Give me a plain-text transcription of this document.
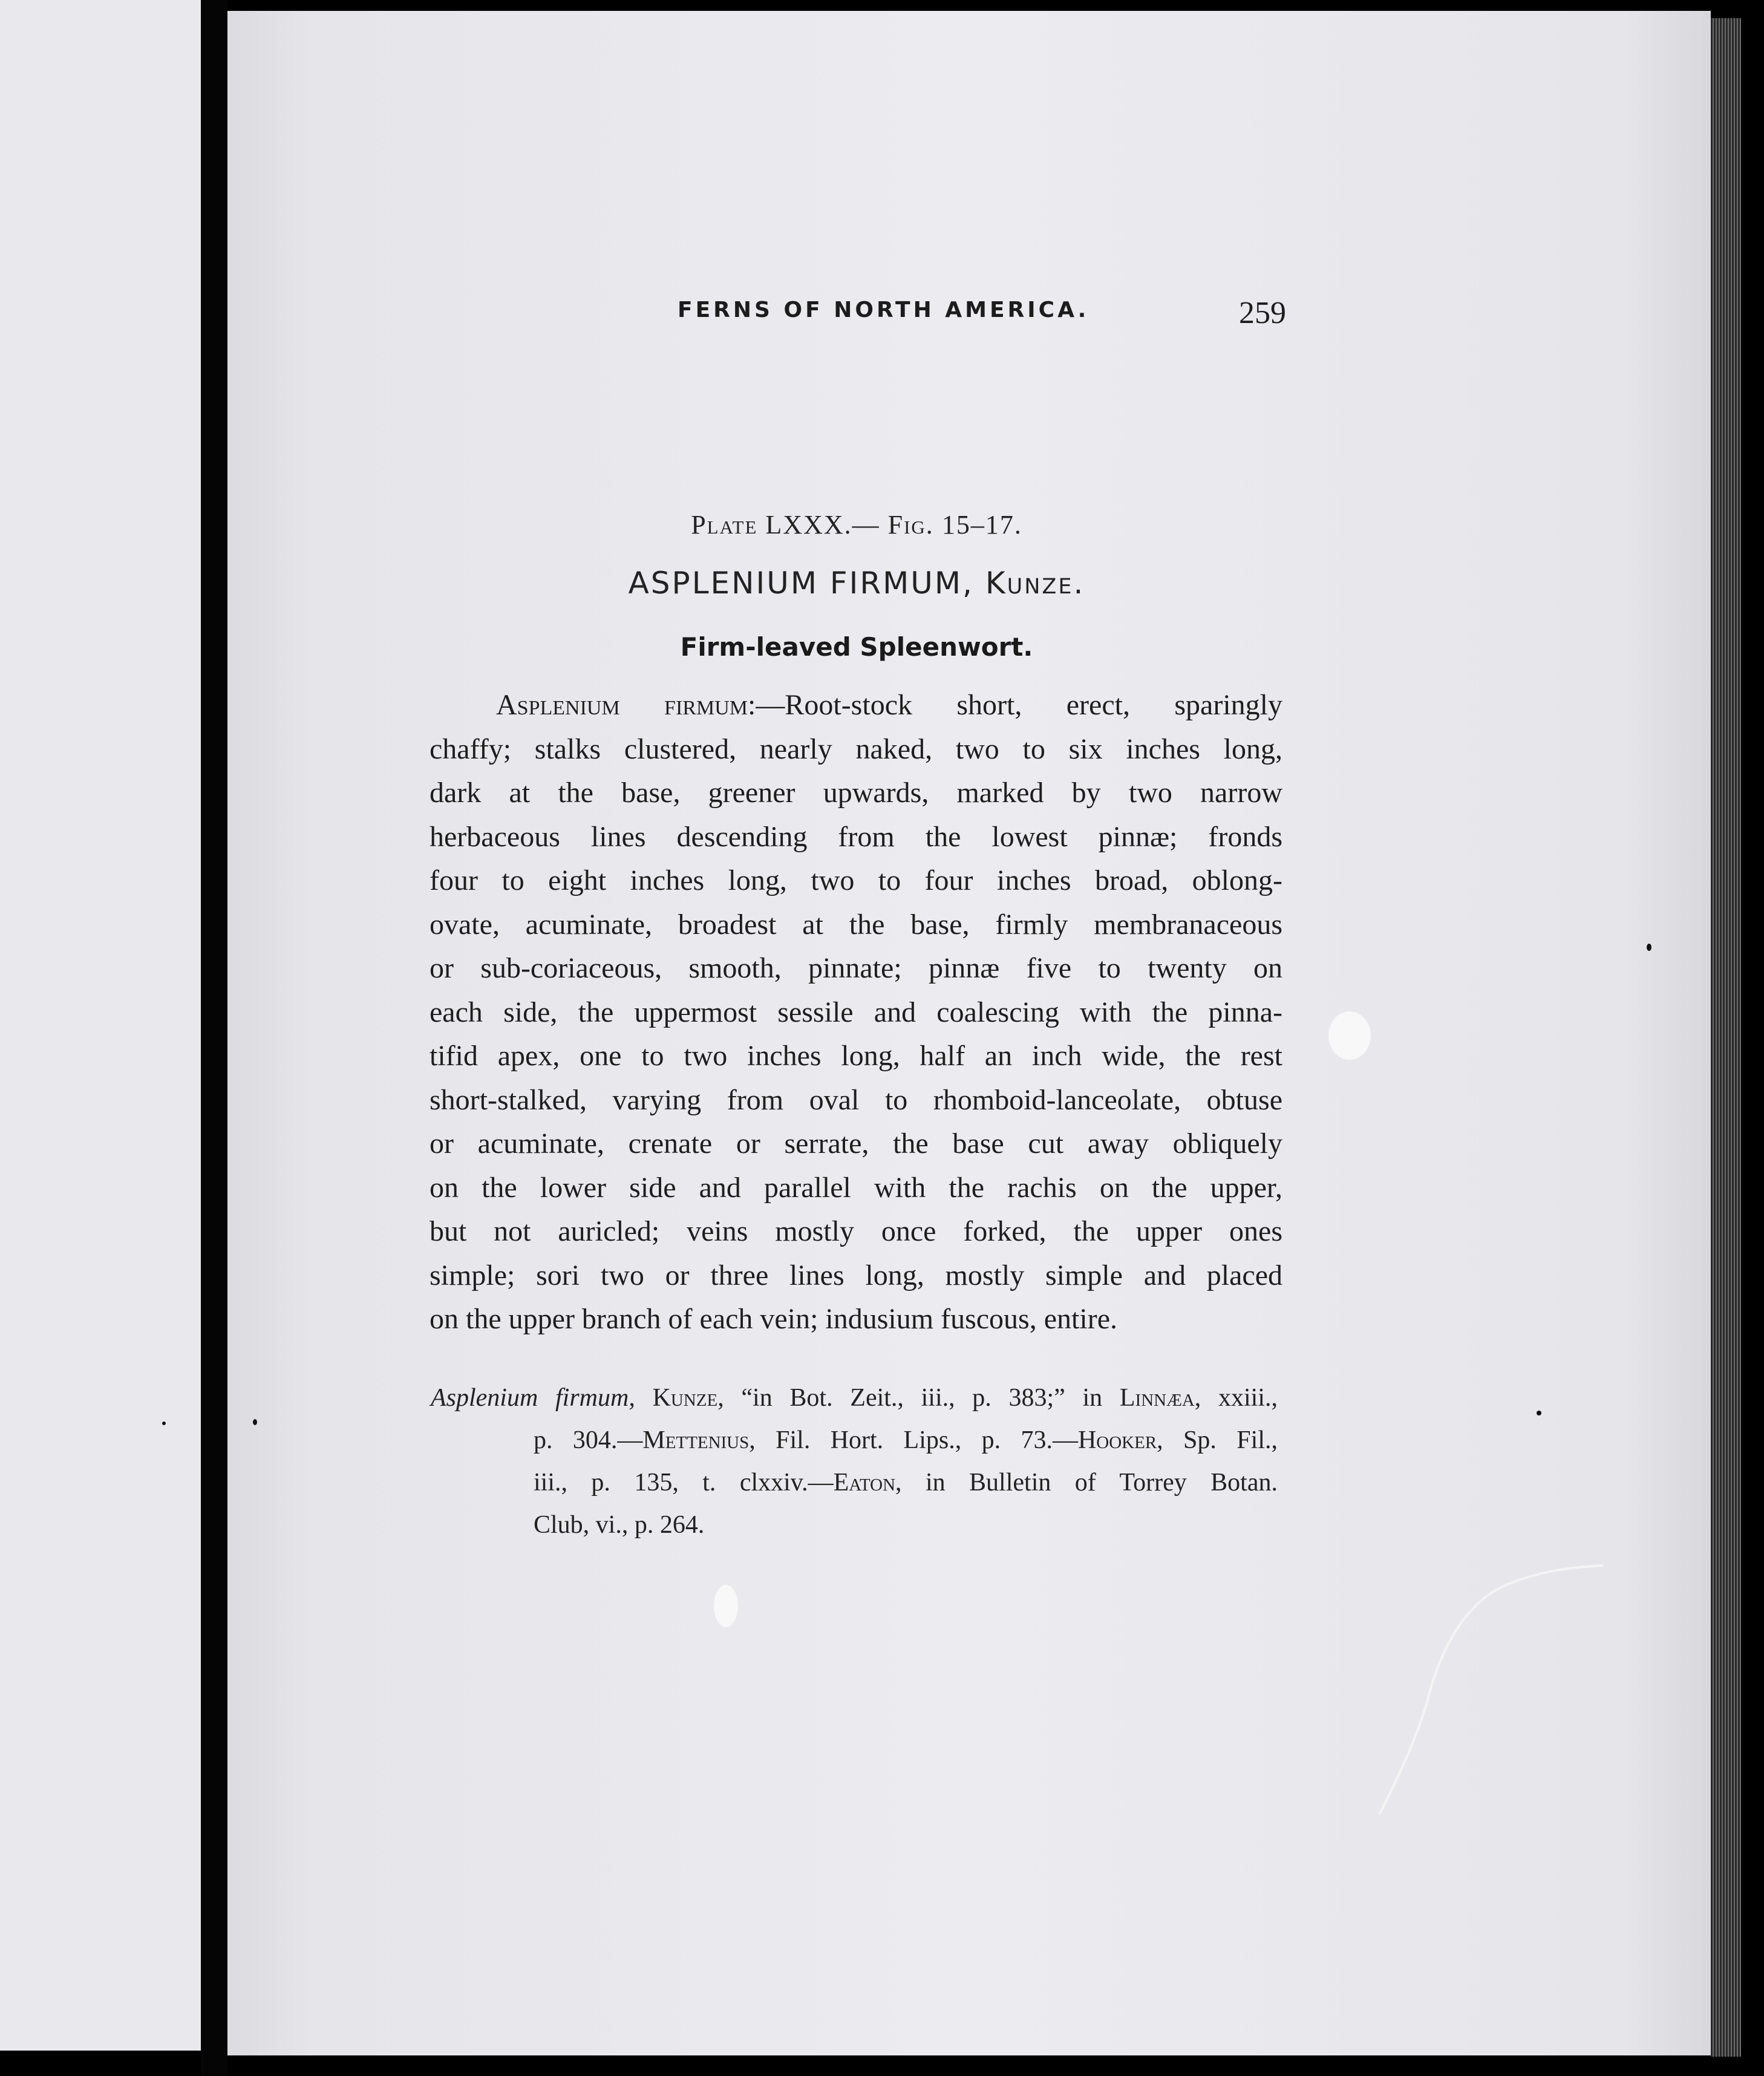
FERNS OF NORTH AMERICA.	259
Plate LXXX.— Fig. 15–17.
ASPLENIUM FIRMUM, Kunze.
Firm-leaved Spleenwort.
Asplenium firmum:—Root-stock short, erect, sparingly
chaffy; stalks clustered, nearly naked, two to six inches long,
dark at the base, greener upwards, marked by two narrow
herbaceous lines descending from the lowest pinnæ; fronds
four to eight inches long, two to four inches broad, oblong-
ovate, acuminate, broadest at the base, firmly membranaceous
or sub-coriaceous, smooth, pinnate; pinnæ five to twenty on
each side, the uppermost sessile and coalescing with the pinna-
tifid apex, one to two inches long, half an inch wide, the rest
short-stalked, varying from oval to rhomboid-lanceolate, obtuse
or acuminate, crenate or serrate, the base cut away obliquely
on the lower side and parallel with the rachis on the upper,
but not auricled; veins mostly once forked, the upper ones
simple; sori two or three lines long, mostly simple and placed
on the upper branch of each vein; indusium fuscous, entire.
Asplenium firmum, Kunze, “in Bot. Zeit., iii., p. 383;” in Linnæa, xxiii.,
p. 304.—Mettenius, Fil. Hort. Lips., p. 73.—Hooker, Sp. Fil.,
iii., p. 135, t. clxxiv.—Eaton, in Bulletin of Torrey Botan.
Club, vi., p. 264.
